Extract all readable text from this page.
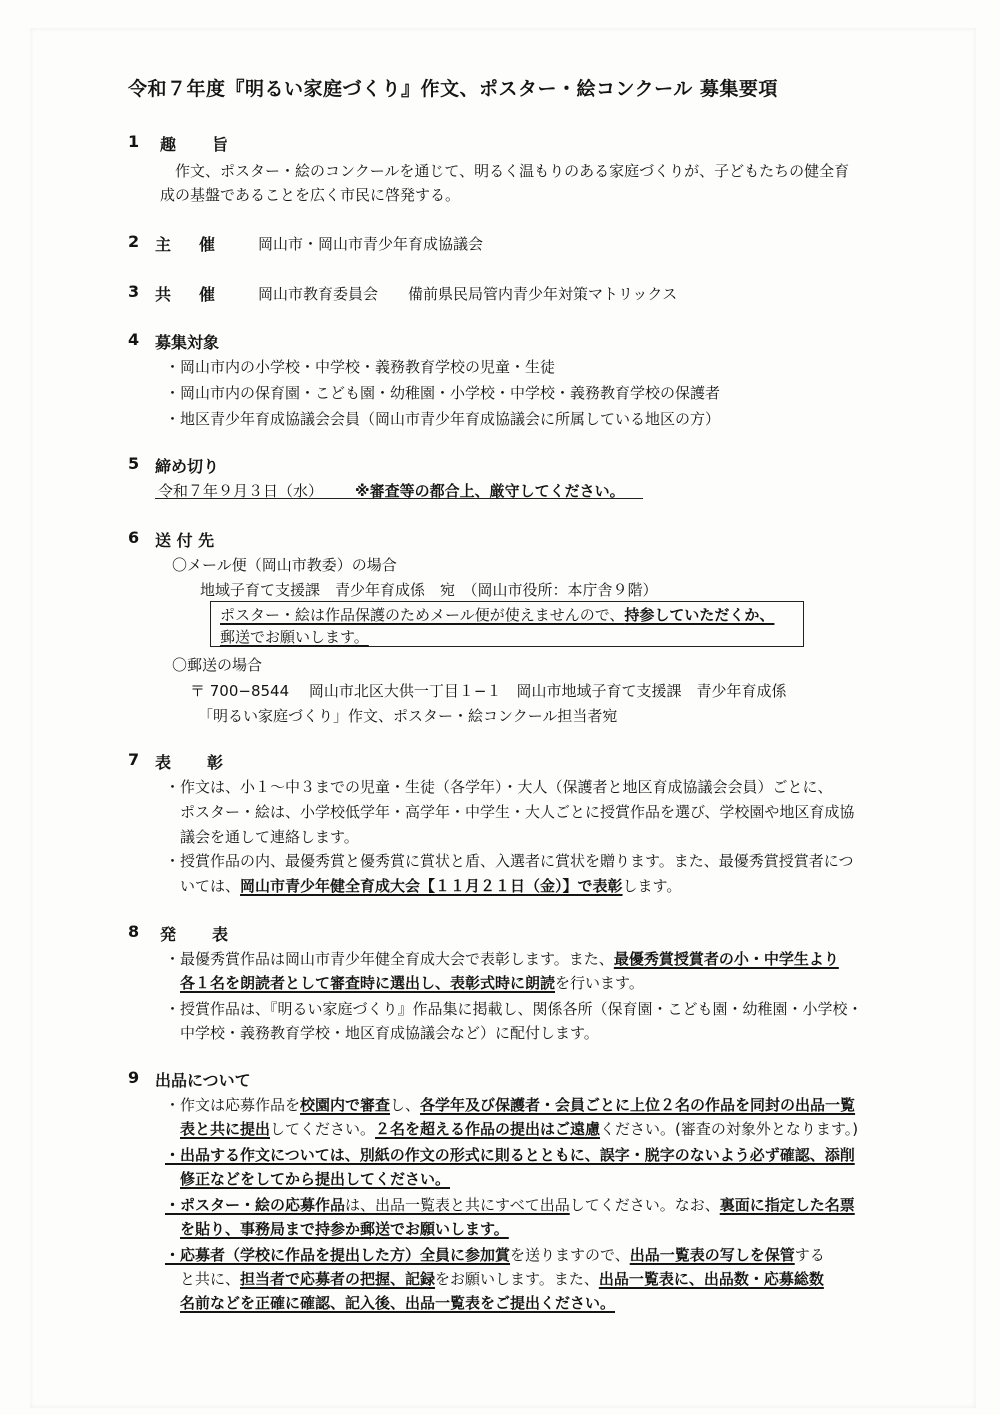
令和７年度『明るい家庭づくり』作文、ポスター・絵コンクール 募集要項
1 趣　旨
作文、ポスター・絵のコンクールを通じて、明るく温もりのある家庭づくりが、子どもたちの健全育
成の基盤であることを広く市民に啓発する。
2 主　催 岡山市・岡山市青少年育成協議会
3 共　催 岡山市教育委員会　　備前県民局管内青少年対策マトリックス
4 募集対象
・岡山市内の小学校・中学校・義務教育学校の児童・生徒
・岡山市内の保育園・こども園・幼稚園・小学校・中学校・義務教育学校の保護者
・地区青少年育成協議会会員（岡山市青少年育成協議会に所属している地区の方）
5 締め切り
令和７年９月３日（水） ※審査等の都合上、厳守してください。
6 送 付 先
〇メール便（岡山市教委）の場合
地域子育て支援課　青少年育成係　宛　（岡山市役所：本庁舎９階）
ポスター・絵は作品保護のためメール便が使えませんので、持参していただくか、
郵送でお願いします。
〇郵送の場合
〒 700−8544　 岡山市北区大供一丁目１−１　岡山市地域子育て支援課　青少年育成係
「明るい家庭づくり」作文、ポスター・絵コンクール担当者宛
7 表　彰
・作文は、小１〜中３までの児童・生徒（各学年）・大人（保護者と地区育成協議会会員）ごとに、
ポスター・絵は、小学校低学年・高学年・中学生・大人ごとに授賞作品を選び、学校園や地区育成協
議会を通して連絡します。
・授賞作品の内、最優秀賞と優秀賞に賞状と盾、入選者に賞状を贈ります。また、最優秀賞授賞者につ
いては、岡山市青少年健全育成大会【１１月２１日（金）】で表彰します。
8 発　表
・最優秀賞作品は岡山市青少年健全育成大会で表彰します。また、最優秀賞授賞者の小・中学生より
各１名を朗読者として審査時に選出し、表彰式時に朗読を行います。
・授賞作品は、『明るい家庭づくり』作品集に掲載し、関係各所（保育園・こども園・幼稚園・小学校・
中学校・義務教育学校・地区育成協議会など）に配付します。
9 出品について
・作文は応募作品を校園内で審査し、各学年及び保護者・会員ごとに上位２名の作品を同封の出品一覧
表と共に提出してください。２名を超える作品の提出はご遠慮ください。(審査の対象外となります。)
・出品する作文については、別紙の作文の形式に則るとともに、誤字・脱字のないよう必ず確認、添削
修正などをしてから提出してください。
・ポスター・絵の応募作品は、出品一覧表と共にすべて出品してください。なお、裏面に指定した名票
を貼り、事務局まで持参か郵送でお願いします。
・応募者（学校に作品を提出した方）全員に参加賞を送りますので、出品一覧表の写しを保管する
と共に、担当者で応募者の把握、記録をお願いします。また、出品一覧表に、出品数・応募総数
名前などを正確に確認、記入後、出品一覧表をご提出ください。
